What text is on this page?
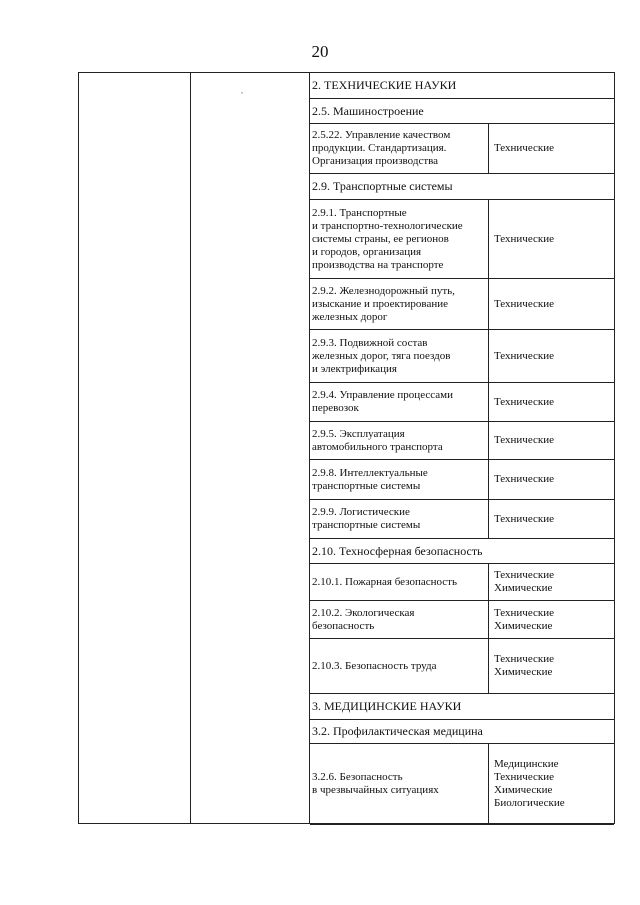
20
,	2. ТЕХНИЧЕСКИЕ НАУКИ
2.5. Машиностроение
2.5.22. Управление качеством
продукции. Стандартизация.
Организация производства
Технические
2.9. Транспортные системы
2.9.1. Транспортные
и транспортно-технологические
системы страны, ее регионов
и городов, организация
производства на транспорте
Технические
2.9.2. Железнодорожный путь,
изыскание и проектирование
железных дорог
Технические
2.9.3. Подвижной состав
железных дорог, тяга поездов
и электрификация
Технические
2.9.4. Управление процессами
перевозок
Технические
2.9.5. Эксплуатация
автомобильного транспорта
Технические
2.9.8. Интеллектуальные
транспортные системы
Технические
2.9.9. Логистические
транспортные системы
Технические
2.10. Техносферная безопасность
2.10.1. Пожарная безопасность
Технические
Химические
2.10.2. Экологическая
безопасность
Технические
Химические
2.10.3. Безопасность труда
Технические
Химические
3. МЕДИЦИНСКИЕ НАУКИ
3.2. Профилактическая медицина
3.2.6. Безопасность
в чрезвычайных ситуациях
Медицинские
Технические
Химические
Биологические
